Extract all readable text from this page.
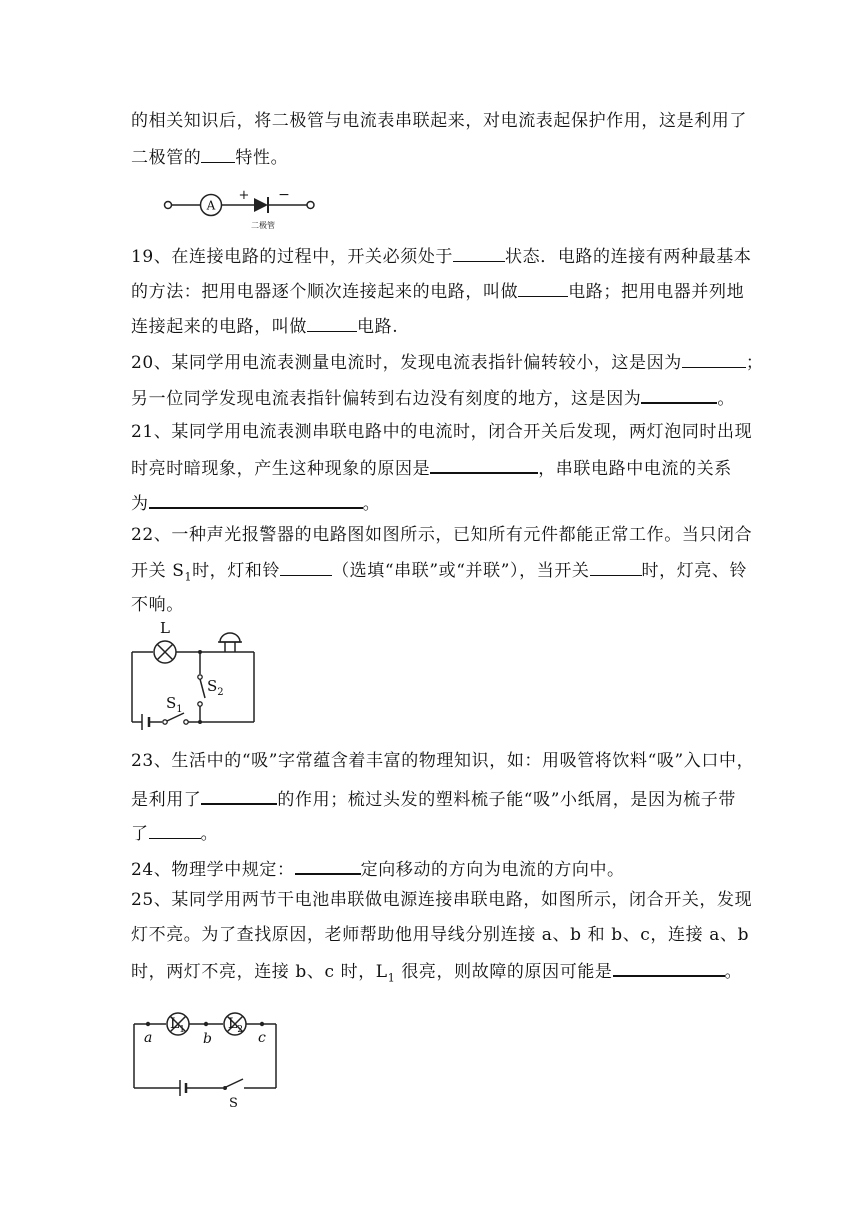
的相关知识后，将二极管与电流表串联起来，对电流表起保护作用，这是利用了
二极管的 特性。
A
+ −
二极管
19、在连接电路的过程中，开关必须处于	状态．电路的连接有两种最基本
的方法：把用电器逐个顺次连接起来的电路，叫做	电路；把用电器并列地
连接起来的电路，叫做	电路.
20、某同学用电流表测量电流时，发现电流表指针偏转较小，这是因为	；
另一位同学发现电流表指针偏转到右边没有刻度的地方，这是因为	。
21、某同学用电流表测串联电路中的电流时，闭合开关后发现，两灯泡同时出现
时亮时暗现象，产生这种现象的原因是	，串联电路中电流的关系
为	。
22、一种声光报警器的电路图如图所示，已知所有元件都能正常工作。当只闭合
开关 $S_1$时，灯和铃	（选填“串联”或“并联”），当开关	时，灯亮、铃
不响。
L
$S_2$
$S_1$
23、生活中的“吸”字常蕴含着丰富的物理知识，如：用吸管将饮料“吸”入口中，
是利用了	的作用；梳过头发的塑料梳子能“吸”小纸屑，是因为梳子带
了	。
24、物理学中规定：	定向移动的方向为电流的方向中。
25、某同学用两节干电池串联做电源连接串联电路，如图所示，闭合开关，发现
灯不亮。为了查找原因，老师帮助他用导线分别连接 a、b 和 b、c，连接 a、b
时，两灯不亮，连接 b、c 时，$L_1$ 很亮，则故障的原因可能是	。
$L_1$	$L_2$
a	b	c
S
